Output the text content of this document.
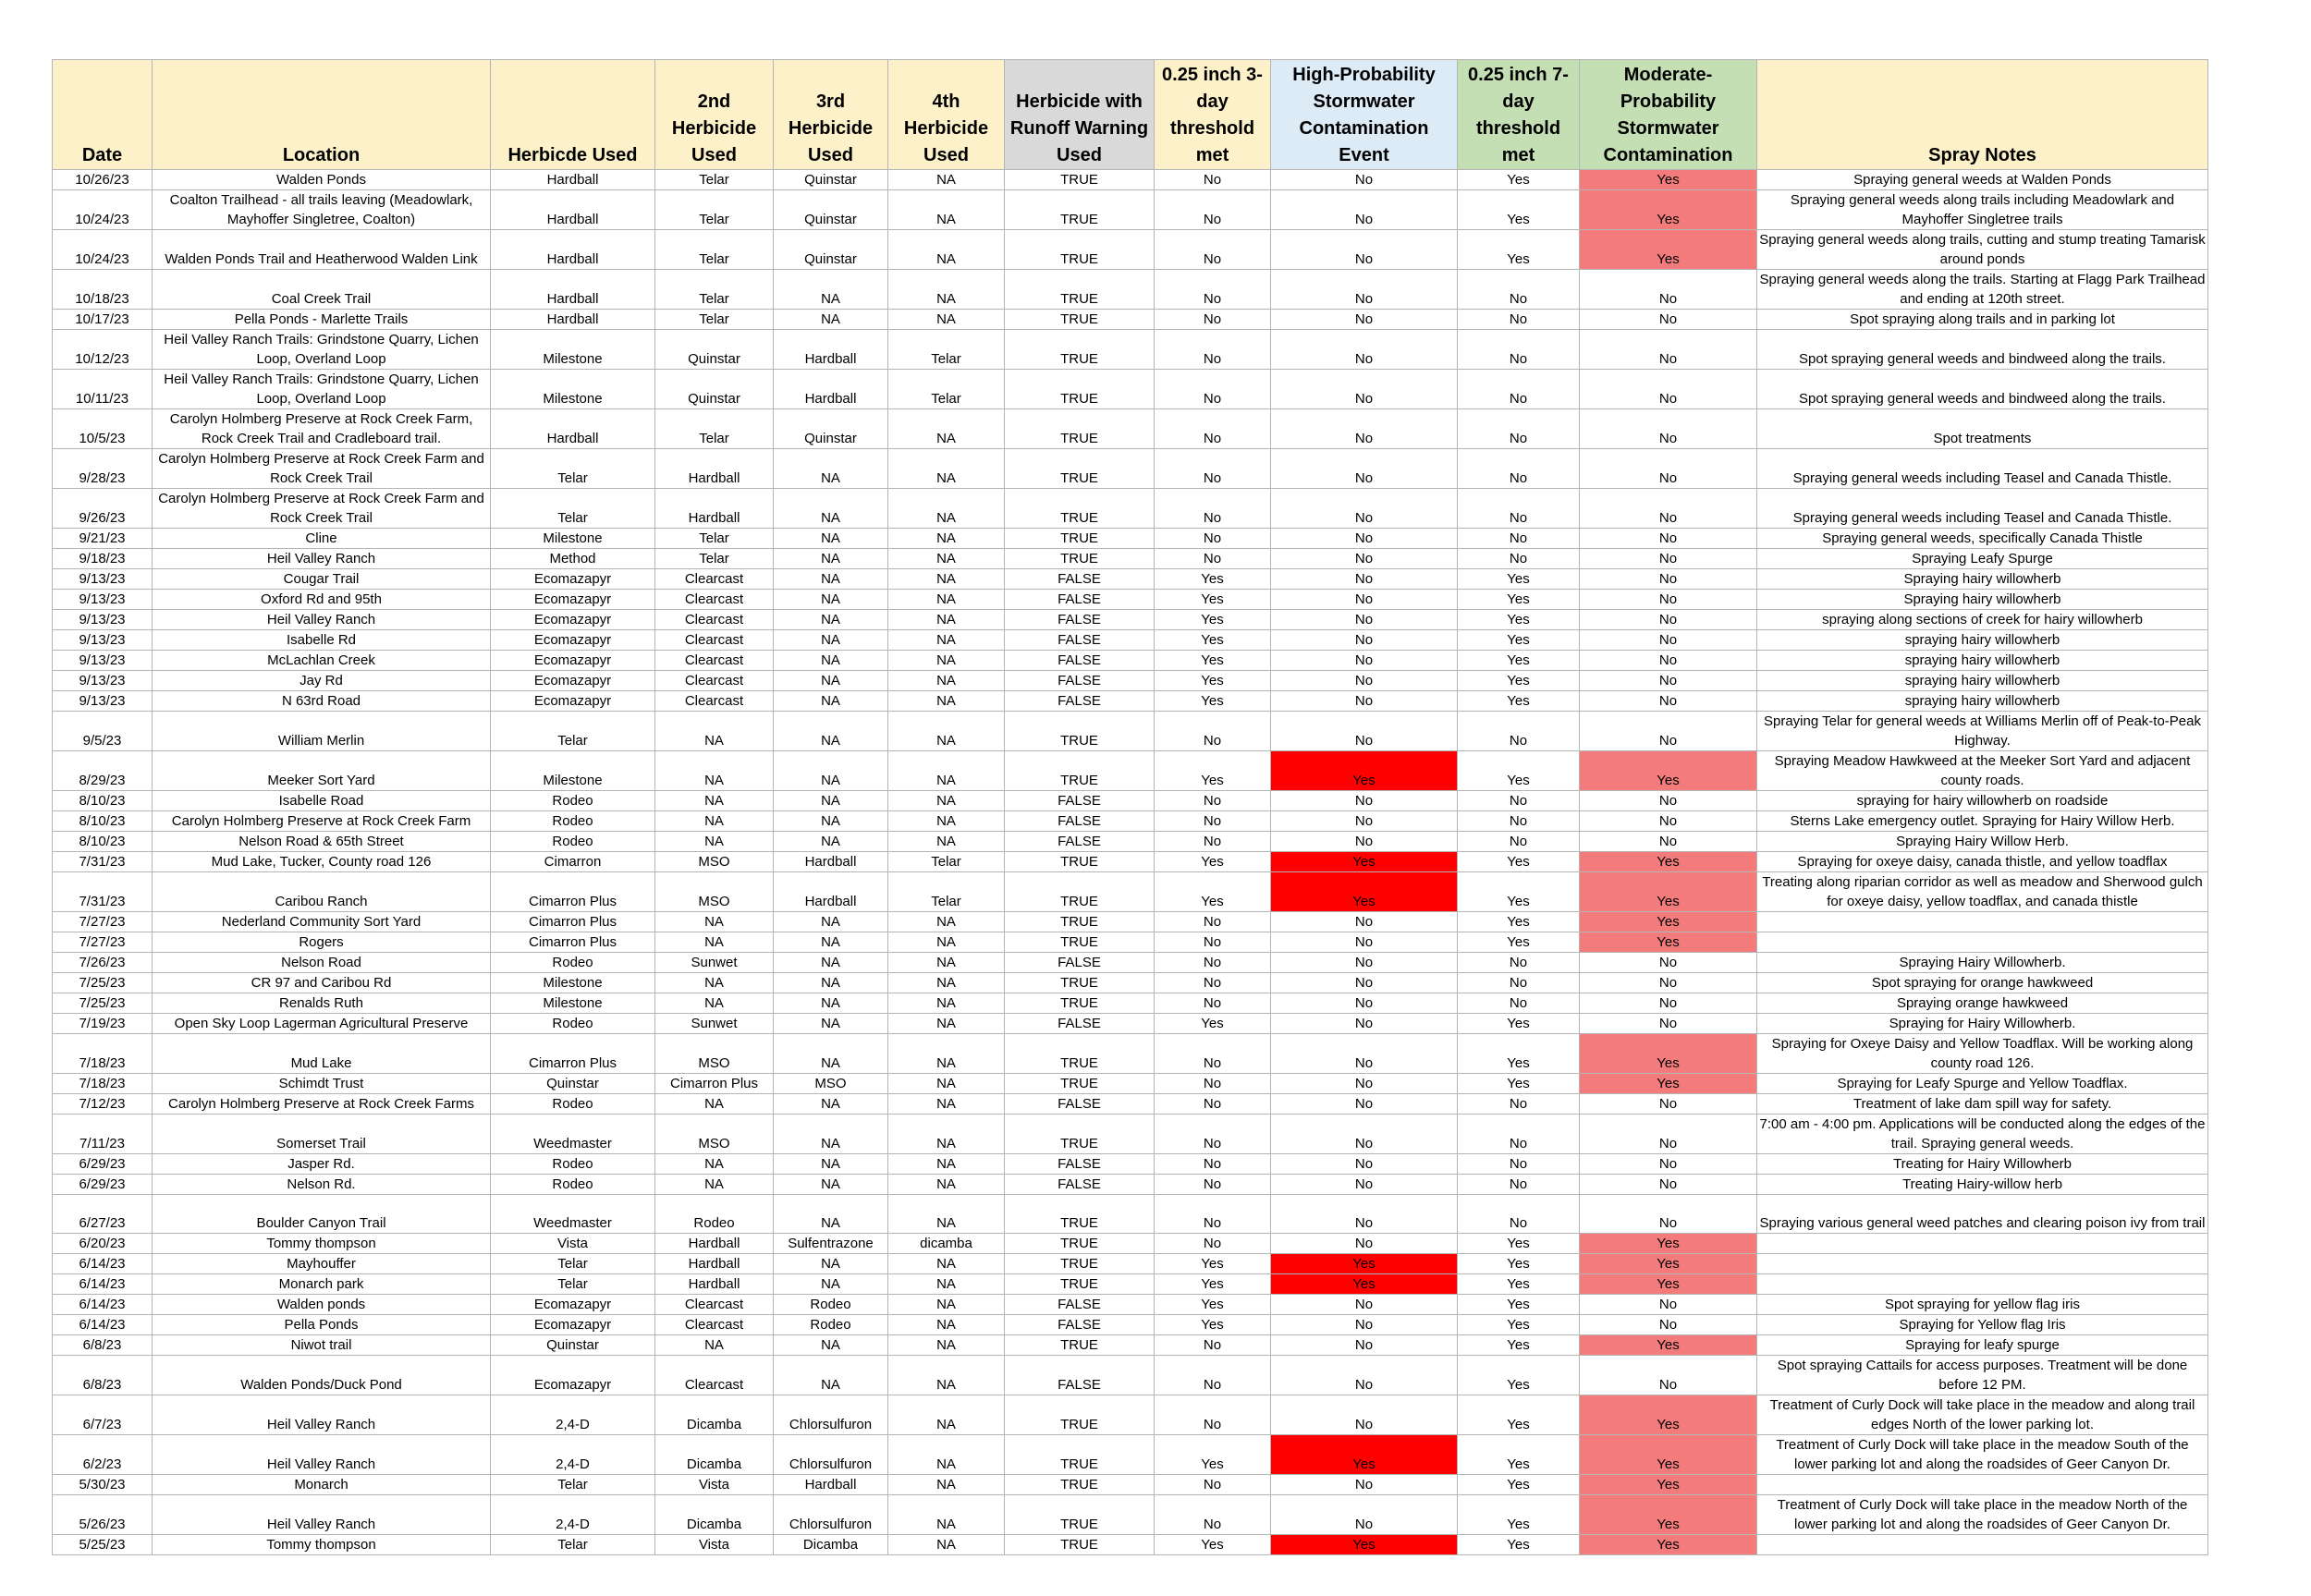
Date	Location	Herbicde Used	2nd Herbicide Used	3rd Herbicide Used	4th Herbicide Used	Herbicide with Runoff Warning Used	0.25 inch 3-day threshold met	High-Probability Stormwater Contamination Event	0.25 inch 7-day threshold met	Moderate-Probability Stormwater Contamination	Spray Notes
10/26/23	Walden Ponds	Hardball	Telar	Quinstar	NA	TRUE	No	No	Yes	Yes	Spraying general weeds at Walden Ponds
10/24/23	Coalton Trailhead - all trails leaving (Meadowlark, Mayhoffer Singletree, Coalton)	Hardball	Telar	Quinstar	NA	TRUE	No	No	Yes	Yes	Spraying general weeds along trails including Meadowlark and Mayhoffer Singletree trails
10/24/23	Walden Ponds Trail and Heatherwood Walden Link	Hardball	Telar	Quinstar	NA	TRUE	No	No	Yes	Yes	Spraying general weeds along trails, cutting and stump treating Tamarisk around ponds
10/18/23	Coal Creek Trail	Hardball	Telar	NA	NA	TRUE	No	No	No	No	Spraying general weeds along the trails. Starting at Flagg Park Trailhead and ending at 120th street.
10/17/23	Pella Ponds - Marlette Trails	Hardball	Telar	NA	NA	TRUE	No	No	No	No	Spot spraying along trails and in parking lot
10/12/23	Heil Valley Ranch Trails: Grindstone Quarry, Lichen Loop, Overland Loop	Milestone	Quinstar	Hardball	Telar	TRUE	No	No	No	No	Spot spraying general weeds and bindweed along the trails.
10/11/23	Heil Valley Ranch Trails: Grindstone Quarry, Lichen Loop, Overland Loop	Milestone	Quinstar	Hardball	Telar	TRUE	No	No	No	No	Spot spraying general weeds and bindweed along the trails.
10/5/23	Carolyn Holmberg Preserve at Rock Creek Farm, Rock Creek Trail and Cradleboard trail.	Hardball	Telar	Quinstar	NA	TRUE	No	No	No	No	Spot treatments
9/28/23	Carolyn Holmberg Preserve at Rock Creek Farm and Rock Creek Trail	Telar	Hardball	NA	NA	TRUE	No	No	No	No	Spraying general weeds including Teasel and Canada Thistle.
9/26/23	Carolyn Holmberg Preserve at Rock Creek Farm and Rock Creek Trail	Telar	Hardball	NA	NA	TRUE	No	No	No	No	Spraying general weeds including Teasel and Canada Thistle.
9/21/23	Cline	Milestone	Telar	NA	NA	TRUE	No	No	No	No	Spraying general weeds, specifically Canada Thistle
9/18/23	Heil Valley Ranch	Method	Telar	NA	NA	TRUE	No	No	No	No	Spraying Leafy Spurge
9/13/23	Cougar Trail	Ecomazapyr	Clearcast	NA	NA	FALSE	Yes	No	Yes	No	Spraying hairy willowherb
9/13/23	Oxford Rd and 95th	Ecomazapyr	Clearcast	NA	NA	FALSE	Yes	No	Yes	No	Spraying hairy willowherb
9/13/23	Heil Valley Ranch	Ecomazapyr	Clearcast	NA	NA	FALSE	Yes	No	Yes	No	spraying along sections of creek for hairy willowherb
9/13/23	Isabelle Rd	Ecomazapyr	Clearcast	NA	NA	FALSE	Yes	No	Yes	No	spraying hairy willowherb
9/13/23	McLachlan Creek	Ecomazapyr	Clearcast	NA	NA	FALSE	Yes	No	Yes	No	spraying hairy willowherb
9/13/23	Jay Rd	Ecomazapyr	Clearcast	NA	NA	FALSE	Yes	No	Yes	No	spraying hairy willowherb
9/13/23	N 63rd Road	Ecomazapyr	Clearcast	NA	NA	FALSE	Yes	No	Yes	No	spraying hairy willowherb
9/5/23	William Merlin	Telar	NA	NA	NA	TRUE	No	No	No	No	Spraying Telar for general weeds at Williams Merlin off of Peak-to-Peak Highway.
8/29/23	Meeker Sort Yard	Milestone	NA	NA	NA	TRUE	Yes	Yes	Yes	Yes	Spraying Meadow Hawkweed at the Meeker Sort Yard and adjacent county roads.
8/10/23	Isabelle Road	Rodeo	NA	NA	NA	FALSE	No	No	No	No	spraying for hairy willowherb on roadside
8/10/23	Carolyn Holmberg Preserve at Rock Creek Farm	Rodeo	NA	NA	NA	FALSE	No	No	No	No	Sterns Lake emergency outlet. Spraying for Hairy Willow Herb.
8/10/23	Nelson Road & 65th Street	Rodeo	NA	NA	NA	FALSE	No	No	No	No	Spraying Hairy Willow Herb.
7/31/23	Mud Lake, Tucker, County road 126	Cimarron	MSO	Hardball	Telar	TRUE	Yes	Yes	Yes	Yes	Spraying for oxeye daisy, canada thistle, and yellow toadflax
7/31/23	Caribou Ranch	Cimarron Plus	MSO	Hardball	Telar	TRUE	Yes	Yes	Yes	Yes	Treating along riparian corridor as well as meadow and Sherwood gulch for oxeye daisy, yellow toadflax, and canada thistle
7/27/23	Nederland Community Sort Yard	Cimarron Plus	NA	NA	NA	TRUE	No	No	Yes	Yes	
7/27/23	Rogers	Cimarron Plus	NA	NA	NA	TRUE	No	No	Yes	Yes	
7/26/23	Nelson Road	Rodeo	Sunwet	NA	NA	FALSE	No	No	No	No	Spraying Hairy Willowherb.
7/25/23	CR 97 and Caribou Rd	Milestone	NA	NA	NA	TRUE	No	No	No	No	Spot spraying for orange hawkweed
7/25/23	Renalds Ruth	Milestone	NA	NA	NA	TRUE	No	No	No	No	Spraying orange hawkweed
7/19/23	Open Sky Loop Lagerman Agricultural Preserve	Rodeo	Sunwet	NA	NA	FALSE	Yes	No	Yes	No	Spraying for Hairy Willowherb.
7/18/23	Mud Lake	Cimarron Plus	MSO	NA	NA	TRUE	No	No	Yes	Yes	Spraying for Oxeye Daisy and Yellow Toadflax. Will be working along county road 126.
7/18/23	Schimdt Trust	Quinstar	Cimarron Plus	MSO	NA	TRUE	No	No	Yes	Yes	Spraying for Leafy Spurge and Yellow Toadflax.
7/12/23	Carolyn Holmberg Preserve at Rock Creek Farms	Rodeo	NA	NA	NA	FALSE	No	No	No	No	Treatment of lake dam spill way for safety.
7/11/23	Somerset Trail	Weedmaster	MSO	NA	NA	TRUE	No	No	No	No	7:00 am - 4:00 pm. Applications will be conducted along the edges of the trail. Spraying general weeds.
6/29/23	Jasper Rd.	Rodeo	NA	NA	NA	FALSE	No	No	No	No	Treating for Hairy Willowherb
6/29/23	Nelson Rd.	Rodeo	NA	NA	NA	FALSE	No	No	No	No	Treating Hairy-willow herb
6/27/23	Boulder Canyon Trail	Weedmaster	Rodeo	NA	NA	TRUE	No	No	No	No	Spraying various general weed patches and clearing poison ivy from trail
6/20/23	Tommy thompson	Vista	Hardball	Sulfentrazone	dicamba	TRUE	No	No	Yes	Yes	
6/14/23	Mayhouffer	Telar	Hardball	NA	NA	TRUE	Yes	Yes	Yes	Yes	
6/14/23	Monarch park	Telar	Hardball	NA	NA	TRUE	Yes	Yes	Yes	Yes	
6/14/23	Walden ponds	Ecomazapyr	Clearcast	Rodeo	NA	FALSE	Yes	No	Yes	No	Spot spraying for yellow flag iris
6/14/23	Pella Ponds	Ecomazapyr	Clearcast	Rodeo	NA	FALSE	Yes	No	Yes	No	Spraying for Yellow flag Iris
6/8/23	Niwot trail	Quinstar	NA	NA	NA	TRUE	No	No	Yes	Yes	Spraying for leafy spurge
6/8/23	Walden Ponds/Duck Pond	Ecomazapyr	Clearcast	NA	NA	FALSE	No	No	Yes	No	Spot spraying Cattails for access purposes. Treatment will be done before 12 PM.
6/7/23	Heil Valley Ranch	2,4-D	Dicamba	Chlorsulfuron	NA	TRUE	No	No	Yes	Yes	Treatment of Curly Dock will take place in the meadow and along trail edges North of the lower parking lot.
6/2/23	Heil Valley Ranch	2,4-D	Dicamba	Chlorsulfuron	NA	TRUE	Yes	Yes	Yes	Yes	Treatment of Curly Dock will take place in the meadow South of the lower parking lot and along the roadsides of Geer Canyon Dr.
5/30/23	Monarch	Telar	Vista	Hardball	NA	TRUE	No	No	Yes	Yes	
5/26/23	Heil Valley Ranch	2,4-D	Dicamba	Chlorsulfuron	NA	TRUE	No	No	Yes	Yes	Treatment of Curly Dock will take place in the meadow North of the lower parking lot and along the roadsides of Geer Canyon Dr.
5/25/23	Tommy thompson	Telar	Vista	Dicamba	NA	TRUE	Yes	Yes	Yes	Yes	
